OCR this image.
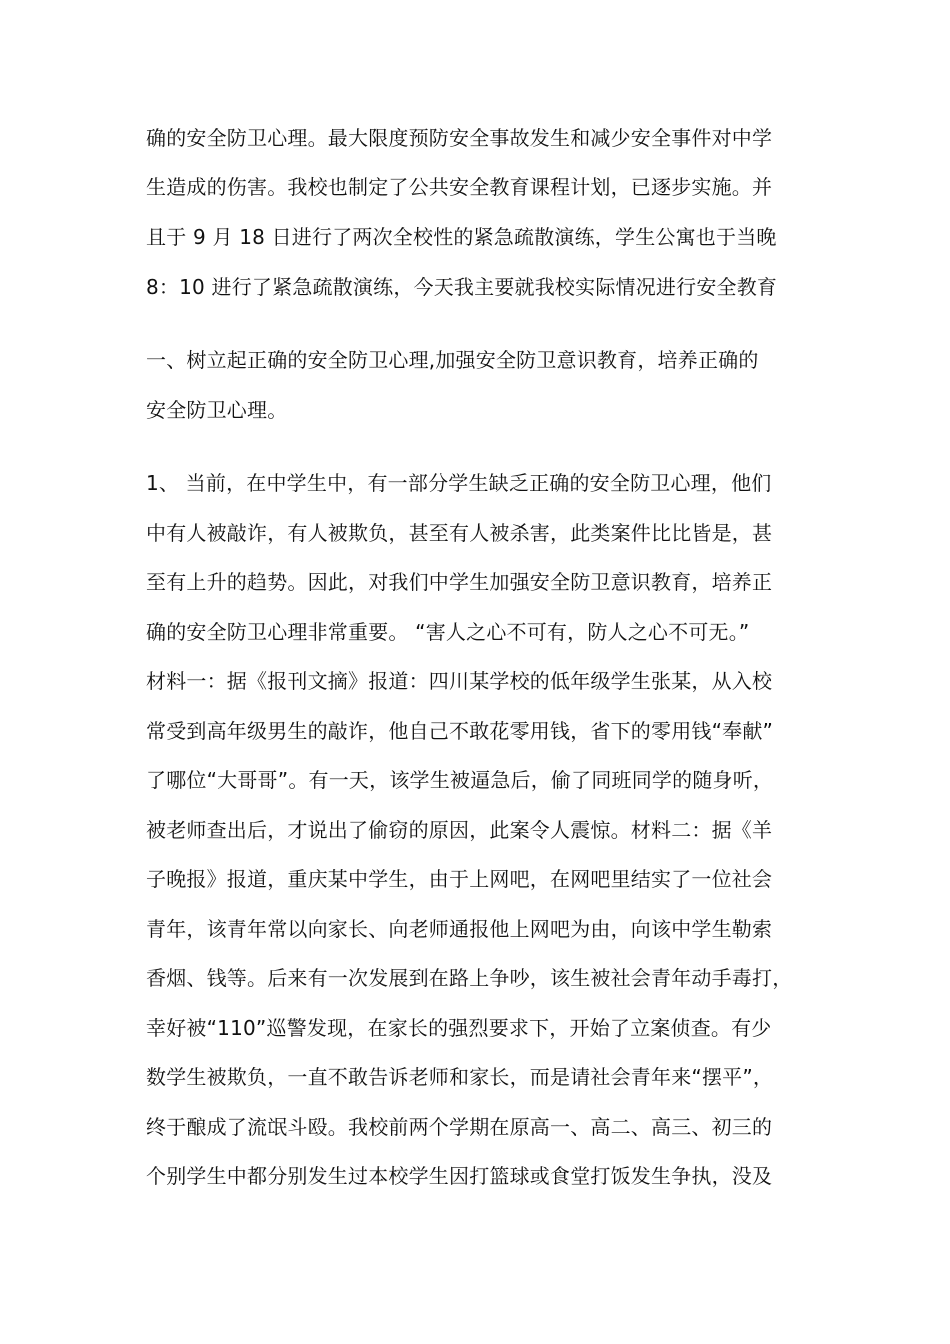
确的安全防卫心理。最大限度预防安全事故发生和减少安全事件对中学
生造成的伤害。我校也制定了公共安全教育课程计划，已逐步实施。并
且于 9 月 18 日进行了两次全校性的紧急疏散演练，学生公寓也于当晚
8：10 进行了紧急疏散演练，今天我主要就我校实际情况进行安全教育
一、树立起正确的安全防卫心理,加强安全防卫意识教育，培养正确的
安全防卫心理。
1、 当前，在中学生中，有一部分学生缺乏正确的安全防卫心理，他们
中有人被敲诈，有人被欺负，甚至有人被杀害，此类案件比比皆是，甚
至有上升的趋势。因此，对我们中学生加强安全防卫意识教育，培养正
确的安全防卫心理非常重要。 “害人之心不可有，防人之心不可无。”
材料一：据《报刊文摘》报道：四川某学校的低年级学生张某，从入校
常受到高年级男生的敲诈，他自己不敢花零用钱，省下的零用钱“奉献”
了哪位“大哥哥”。有一天，该学生被逼急后，偷了同班同学的随身听，
被老师查出后，才说出了偷窃的原因，此案令人震惊。材料二：据《羊
子晚报》报道，重庆某中学生，由于上网吧，在网吧里结实了一位社会
青年，该青年常以向家长、向老师通报他上网吧为由，向该中学生勒索
香烟、钱等。后来有一次发展到在路上争吵，该生被社会青年动手毒打，
幸好被“110”巡警发现，在家长的强烈要求下，开始了立案侦查。有少
数学生被欺负，一直不敢告诉老师和家长，而是请社会青年来“摆平”，
终于酿成了流氓斗殴。我校前两个学期在原高一、高二、高三、初三的
个别学生中都分别发生过本校学生因打篮球或食堂打饭发生争执，没及
